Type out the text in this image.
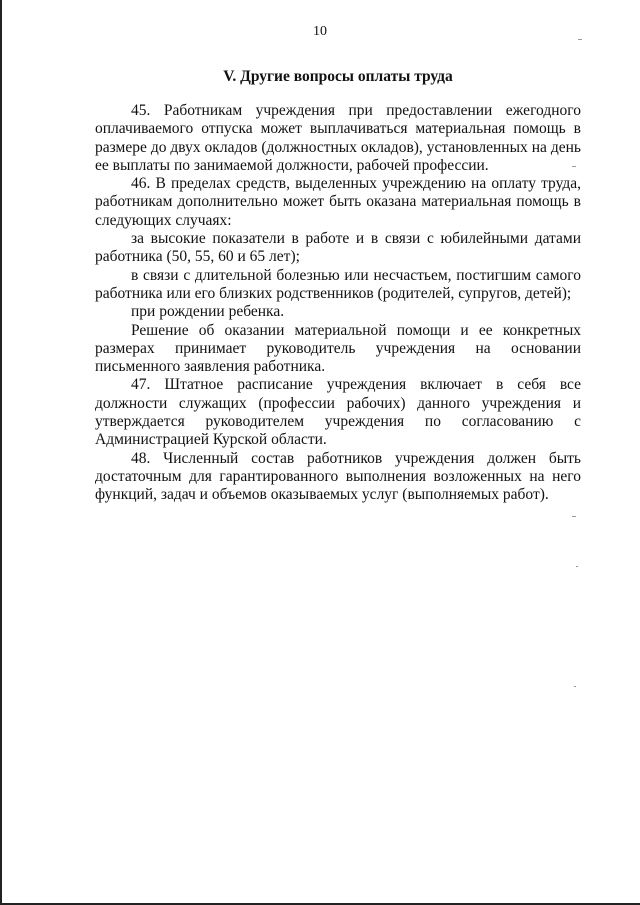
10
V. Другие вопросы оплаты труда

45. Работникам учреждения при предоставлении ежегодного оплачиваемого отпуска может выплачиваться материальная помощь в размере до двух окладов (должностных окладов), установленных на день ее выплаты по занимаемой должности, рабочей профессии.

46. В пределах средств, выделенных учреждению на оплату труда, работникам дополнительно может быть оказана материальная помощь в следующих случаях:

за высокие показатели в работе и в связи с юбилейными датами работника (50, 55, 60 и 65 лет);

в связи с длительной болезнью или несчастьем, постигшим самого работника или его близких родственников (родителей, супругов, детей);

при рождении ребенка.

Решение об оказании материальной помощи и ее конкретных размерах принимает руководитель учреждения на основании письменного заявления работника.

47. Штатное расписание учреждения включает в себя все должности служащих (профессии рабочих) данного учреждения и утверждается руководителем учреждения по согласованию с Администрацией Курской области.

48. Численный состав работников учреждения должен быть достаточным для гарантированного выполнения возложенных на него функций, задач и объемов оказываемых услуг (выполняемых работ).
